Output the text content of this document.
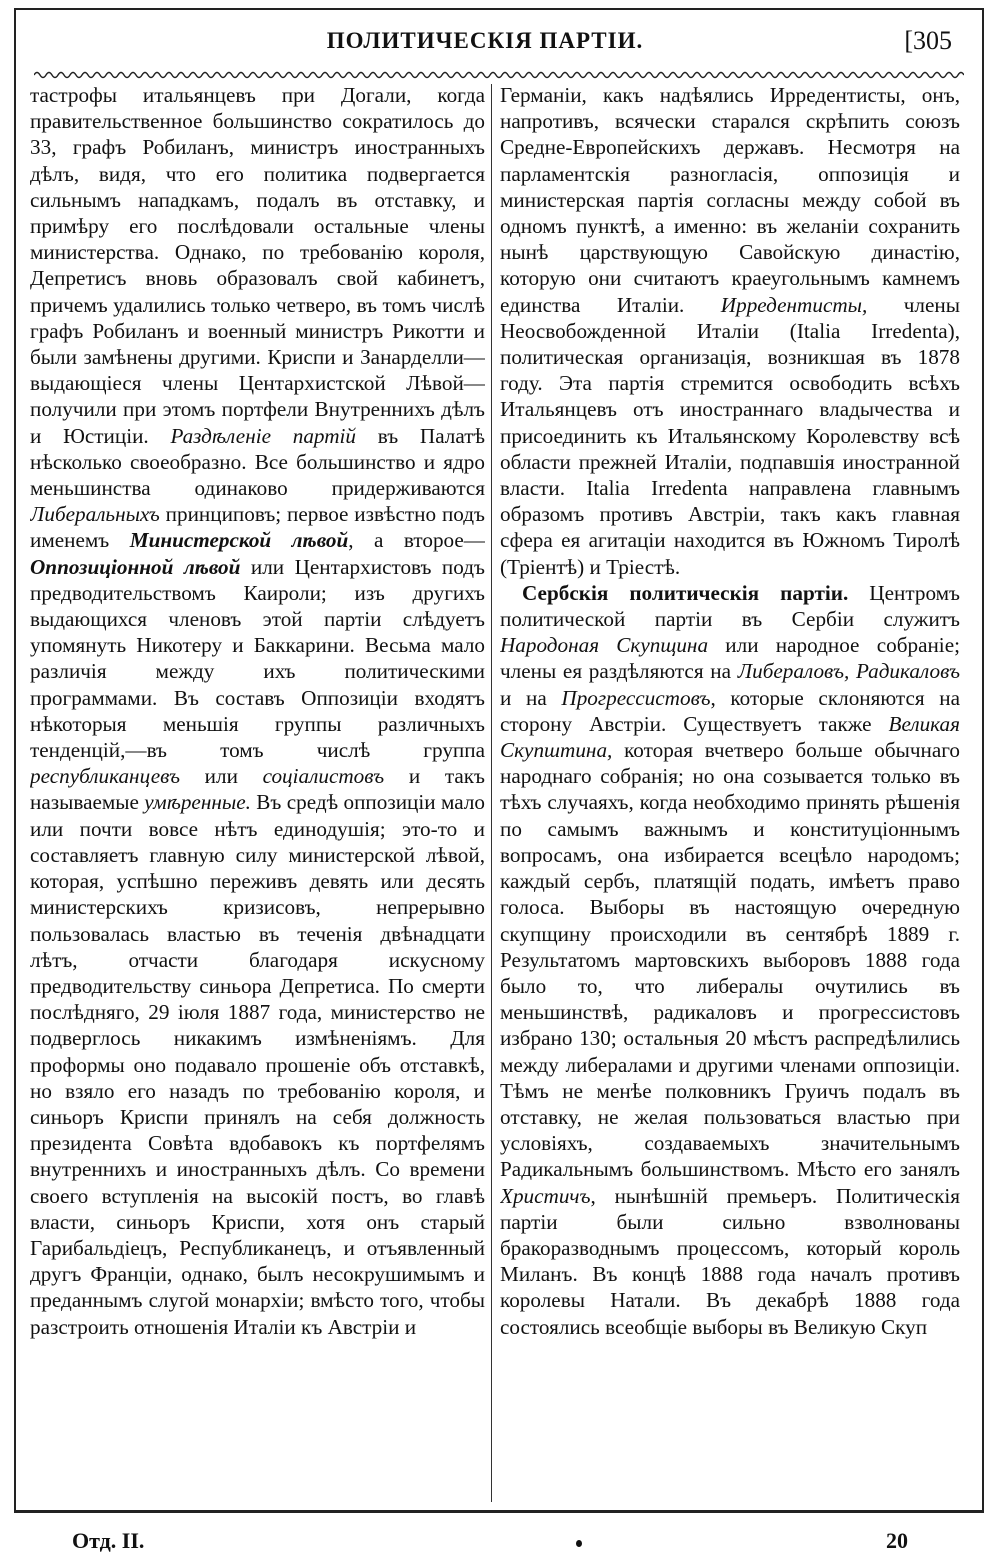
ПОЛИТИЧЕСКІЯ ПАРТІИ.	[305

тастрофы итальянцевъ при Догали, когда правительственное большинство сократилось до 33, графъ Робиланъ, министръ иностранныхъ дѣлъ, видя, что его политика подвергается сильнымъ нападкамъ, подалъ въ отставку, и примѣру его послѣдовали остальные члены министерства. Однако, по требованію короля, Депретисъ вновь образовалъ свой кабинетъ, причемъ удалились только четверо, въ томъ числѣ графъ Робиланъ и военный министръ Рикотти и были замѣнены другими. Криспи и Занарделли—выдающіеся члены Центархистской Лѣвой—получили при этомъ портфели Внутреннихъ дѣлъ и Юстиціи. Раздѣленіе партій въ Палатѣ нѣсколько своеобразно. Все большинство и ядро меньшинства одинаково придерживаются Либеральныхъ принциповъ; первое извѣстно подъ именемъ Министерской лѣвой, а второе—Оппозиціонной лѣвой или Центархистовъ подъ предводительствомъ Каироли; изъ другихъ выдающихся членовъ этой партіи слѣдуетъ упомянуть Никотеру и Баккарини. Весьма мало различія между ихъ политическими программами. Въ составъ Оппозиціи входятъ нѣкоторыя меньшія группы различныхъ тенденцій,—въ томъ числѣ группа республиканцевъ или соціалистовъ и такъ называемые умѣренные. Въ средѣ оппозиціи мало или почти вовсе нѣтъ единодушія; это-то и составляетъ главную силу министерской лѣвой, которая, успѣшно переживъ девять или десять министерскихъ кризисовъ, непрерывно пользовалась властью въ теченія двѣнадцати лѣтъ, отчасти благодаря искусному предводительству синьора Депретиса. По смерти послѣдняго, 29 іюля 1887 года, министерство не подверглось никакимъ измѣненіямъ. Для проформы оно подавало прошеніе объ отставкѣ, но взяло его назадъ по требованію короля, и синьоръ Криспи принялъ на себя должность президента Совѣта вдобавокъ къ портфелямъ внутреннихъ и иностранныхъ дѣлъ. Со времени своего вступленія на высокій постъ, во главѣ власти, синьоръ Криспи, хотя онъ старый Гарибальдіецъ, Республиканецъ, и отъявленный другъ Франціи, однако, былъ несокрушимымъ и преданнымъ слугой монархіи; вмѣсто того, чтобы разстроить отношенія Италіи къ Австріи и

Германіи, какъ надѣялись Ирредентисты, онъ, напротивъ, всячески старался скрѣпить союзъ Средне-Европейскихъ державъ. Несмотря на парламентскія разногласія, оппозиція и министерская партія согласны между собой въ одномъ пунктѣ, а именно: въ желаніи сохранить нынѣ царствующую Савойскую династію, которую они считаютъ краеугольнымъ камнемъ единства Италіи. Ирредентисты, члены Неосвобожденной Италіи (Italia Irredenta), политическая организація, возникшая въ 1878 году. Эта партія стремится освободить всѣхъ Итальянцевъ отъ иностраннаго владычества и присоединить къ Итальянскому Королевству всѣ области прежней Италіи, подпавшія иностранной власти. Italia Irredenta направлена главнымъ образомъ противъ Австріи, такъ какъ главная сфера ея агитаціи находится въ Южномъ Тиролѣ (Тріентѣ) и Тріестѣ.

Сербскія политическія партіи. Центромъ политической партіи въ Сербіи служитъ Народоная Скупщина или народное собраніе; члены ея раздѣляются на Либераловъ, Радикаловъ и на Прогрессистовъ, которые склоняются на сторону Австріи. Существуетъ также Великая Скупштина, которая вчетверо больше обычнаго народнаго собранія; но она созывается только въ тѣхъ случаяхъ, когда необходимо принять рѣшенія по самымъ важнымъ и конституціоннымъ вопросамъ, она избирается всецѣло народомъ; каждый сербъ, платящій подать, имѣетъ право голоса. Выборы въ настоящую очередную скупщину происходили въ сентябрѣ 1889 г. Результатомъ мартовскихъ выборовъ 1888 года было то, что либералы очутились въ меньшинствѣ, радикаловъ и прогрессистовъ избрано 130; остальныя 20 мѣстъ распредѣлились между либералами и другими членами оппозиціи. Тѣмъ не менѣе полковникъ Груичъ подалъ въ отставку, не желая пользоваться властью при условіяхъ, создаваемыхъ значительнымъ Радикальнымъ большинствомъ. Мѣсто его занялъ Христичъ, нынѣшній премьеръ. Политическія партіи были сильно взволнованы бракоразводнымъ процессомъ, который король Миланъ. Въ концѣ 1888 года началъ противъ королевы Натали. Въ декабрѣ 1888 года состоялись всеобщіе выборы въ Великую Скуп

Отд. II.	20
